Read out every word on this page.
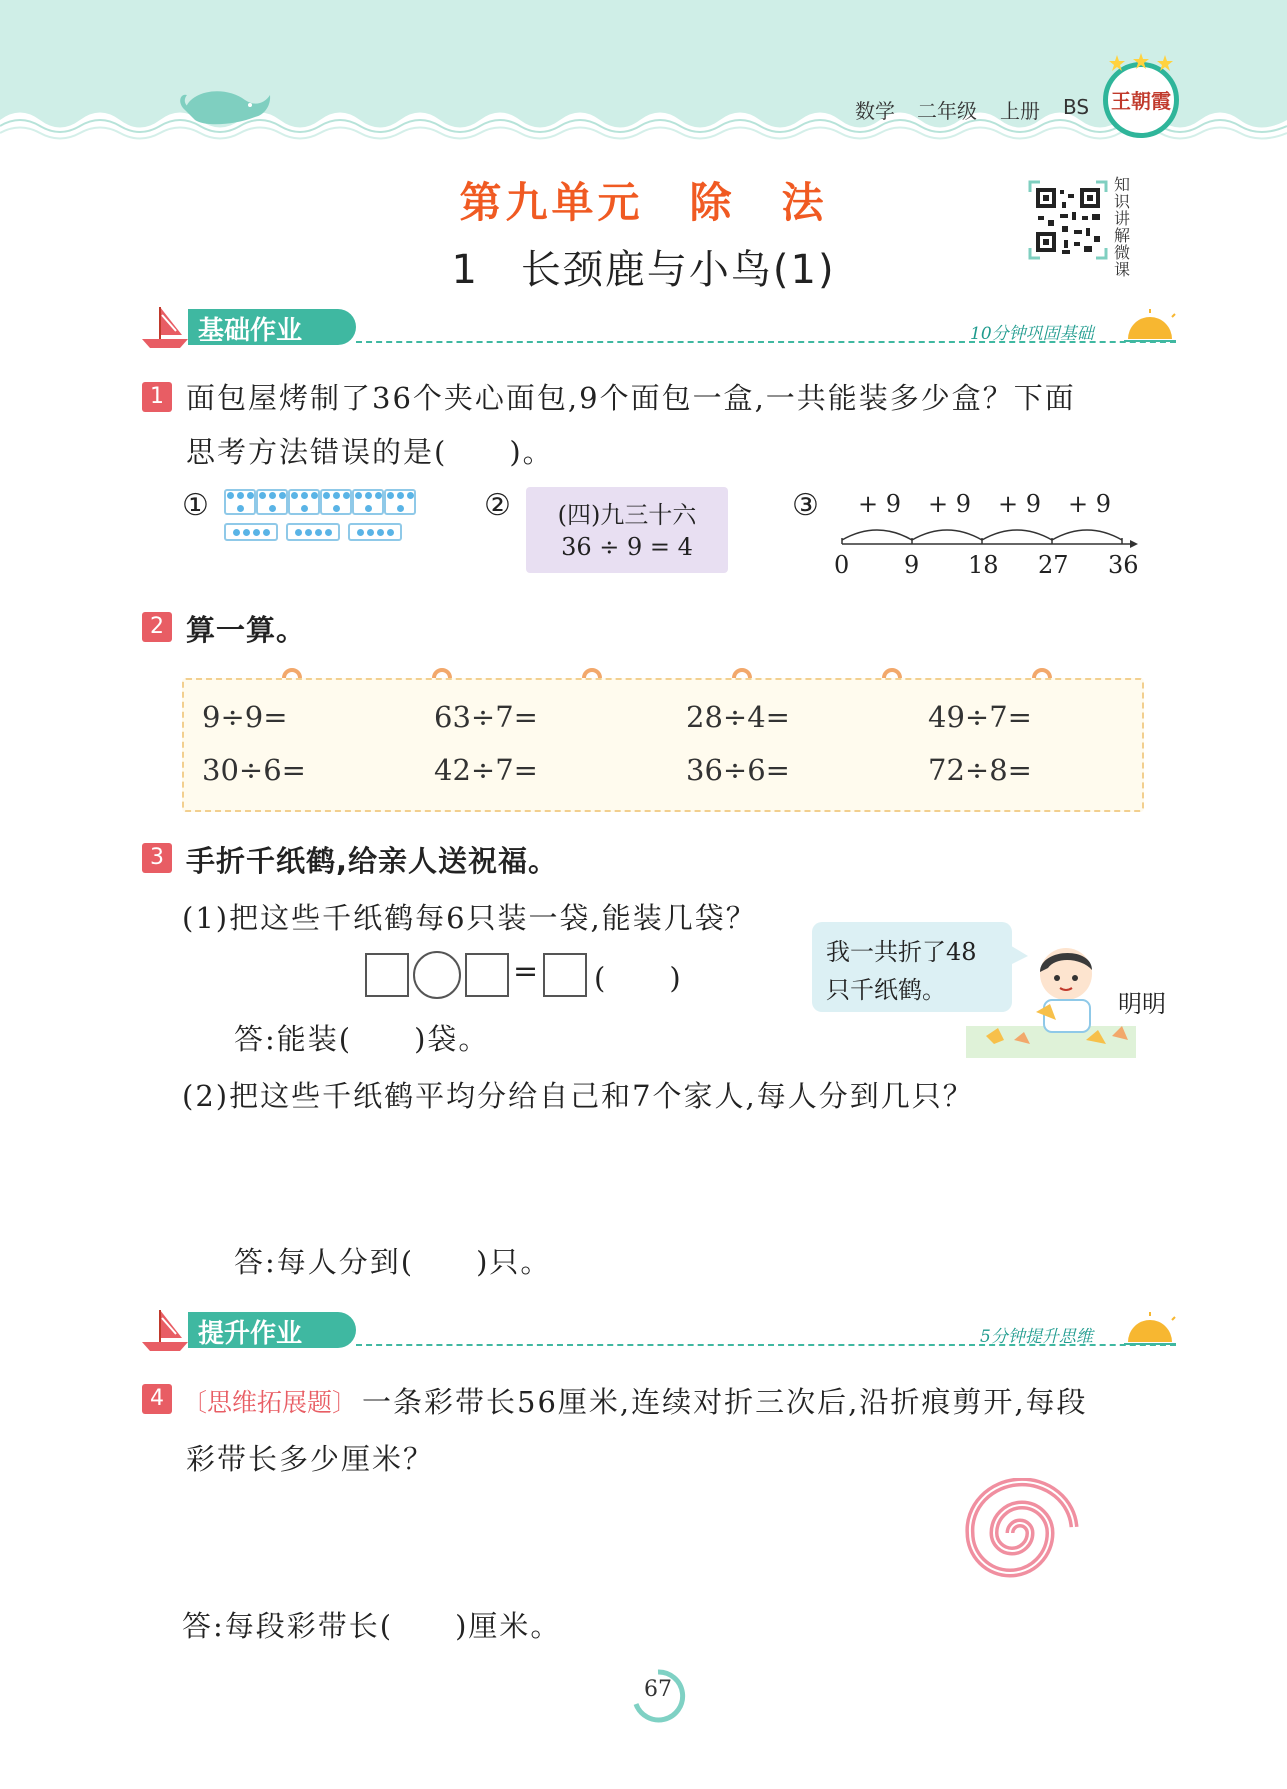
数学 二年级 上册 BS 王朝霞
知识讲解微课
第九单元　除　法
1　长颈鹿与小鸟(1)
基础作业	10分钟巩固基础
1 面包屋烤制了36个夹心面包,9个面包一盒,一共能装多少盒？下面
思考方法错误的是(　　)。
①	②	(四)九三十六
36 ÷ 9 = 4
③ + 9 + 9 + 9 + 9
0 9 18 27 36
2 算一算。
9÷9=	63÷7=	28÷4=	49÷7=
30÷6=	42÷7=	36÷6=	72÷8=
3 手折千纸鹤,给亲人送祝福。
(1)把这些千纸鹤每6只装一袋,能装几袋？
= (　　)
答:能装(　　)袋。
我一共折了48
只千纸鹤。	明明
(2)把这些千纸鹤平均分给自己和7个家人,每人分到几只？
答:每人分到(　　)只。
提升作业	5分钟提升思维
4 〔思维拓展题〕 一条彩带长56厘米,连续对折三次后,沿折痕剪开,每段
彩带长多少厘米？
答:每段彩带长(　　)厘米。
67
